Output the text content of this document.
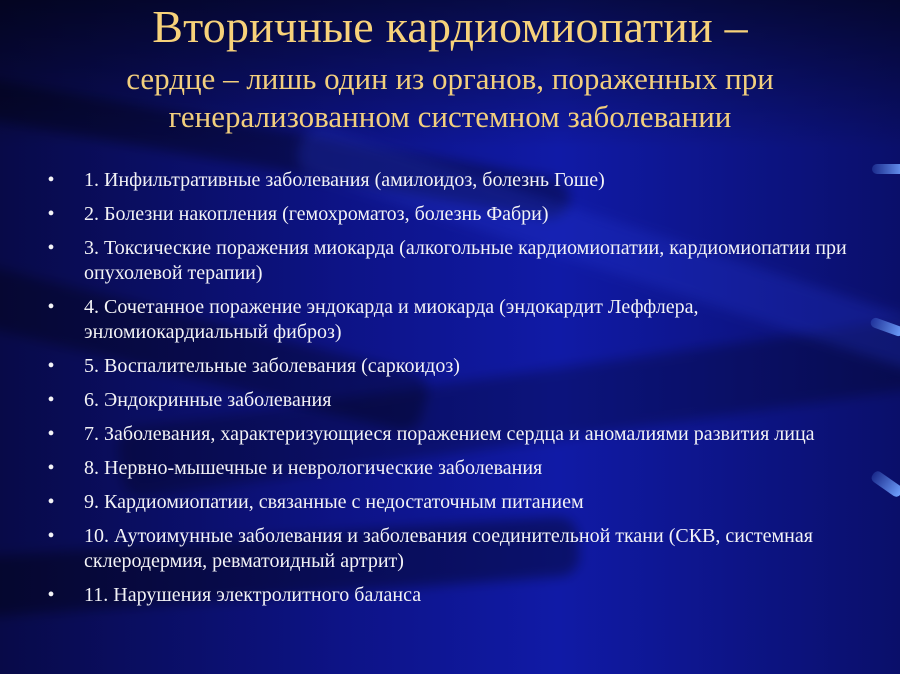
Вторичные кардиомиопатии –
сердце – лишь один из органов, пораженных при
генерализованном системном заболевании
• 1. Инфильтративные заболевания (амилоидоз, болезнь Гоше)
• 2. Болезни накопления (гемохроматоз, болезнь Фабри)
• 3. Токсические поражения миокарда (алкогольные кардиомиопатии, кардиомиопатии при опухолевой терапии)
• 4. Сочетанное поражение эндокарда и миокарда (эндокардит Леффлера, энломиокардиальный фиброз)
• 5. Воспалительные заболевания (саркоидоз)
• 6. Эндокринные заболевания
• 7. Заболевания, характеризующиеся поражением сердца и аномалиями развития лица
• 8. Нервно-мышечные и неврологические заболевания
• 9. Кардиомиопатии, связанные с недостаточным питанием
• 10. Аутоимунные заболевания и заболевания соединительной ткани (СКВ, системная склеродермия, ревматоидный артрит)
• 11. Нарушения электролитного баланса
